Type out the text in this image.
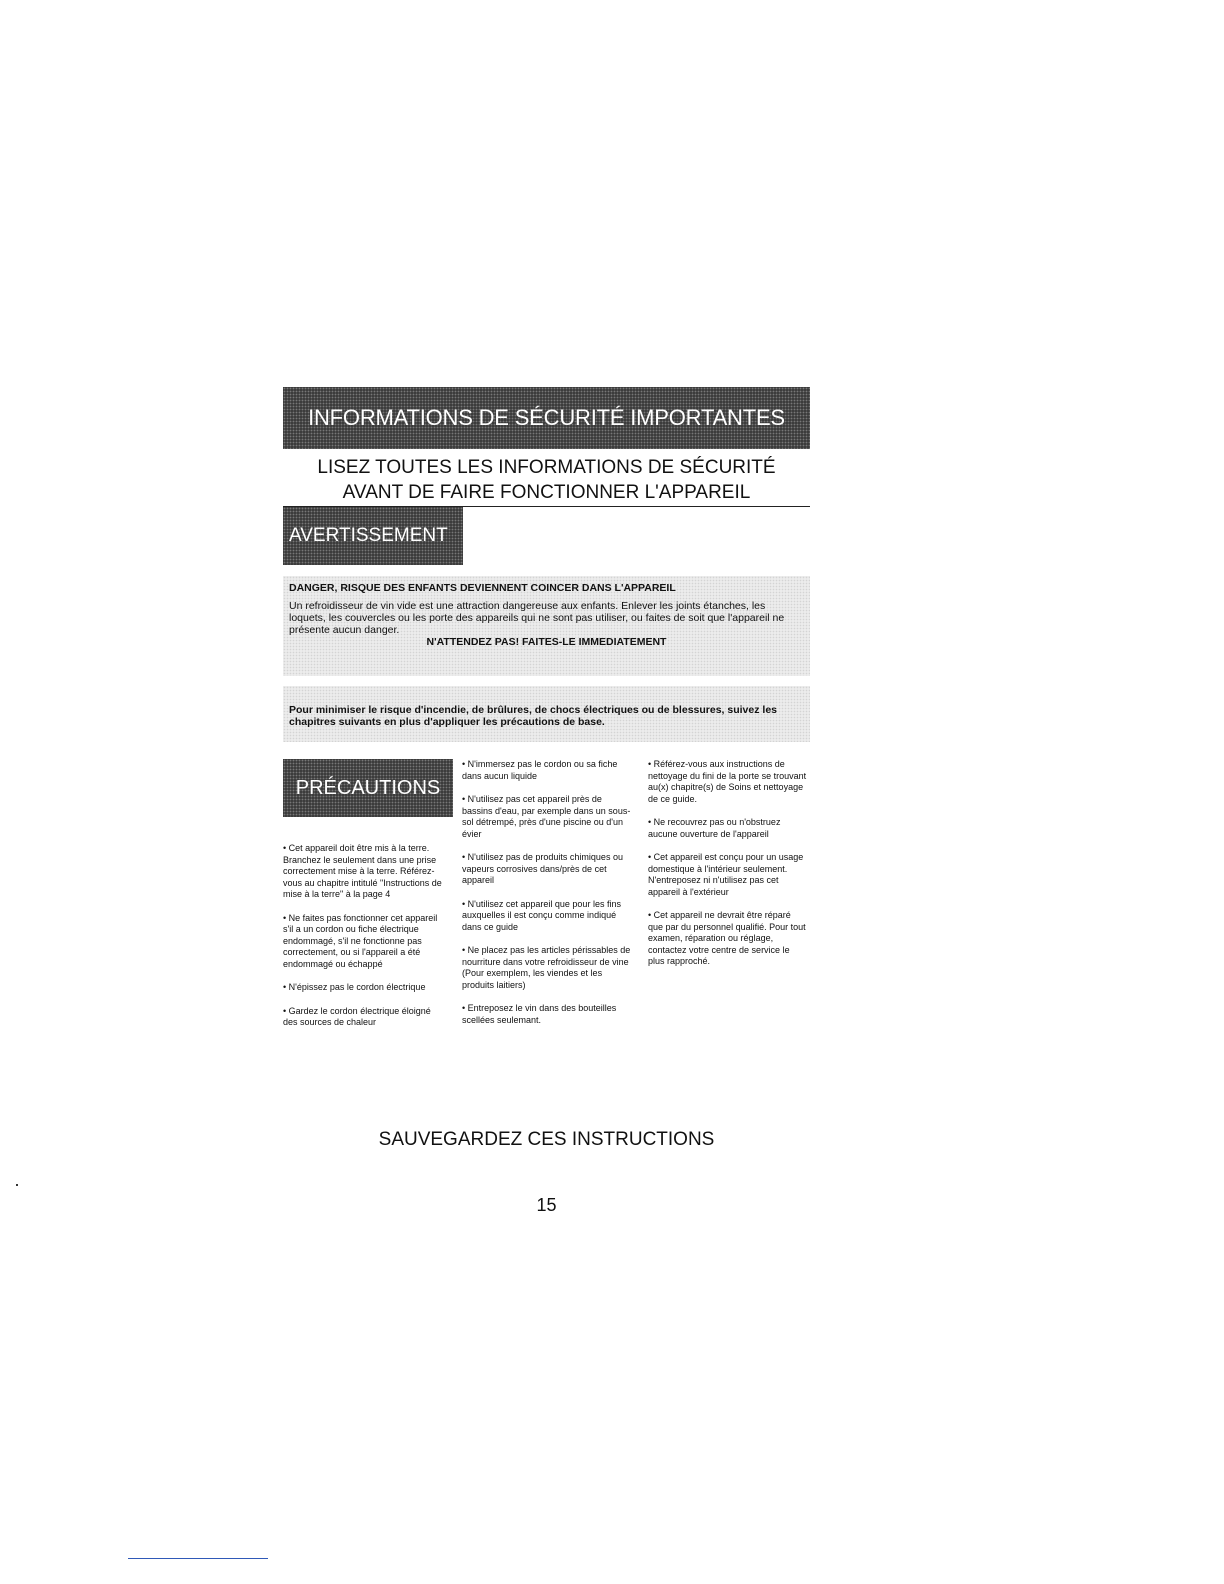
INFORMATIONS DE SÉCURITÉ IMPORTANTES
LISEZ TOUTES LES INFORMATIONS DE SÉCURITÉ
AVANT DE FAIRE FONCTIONNER L'APPAREIL
AVERTISSEMENT
DANGER, RISQUE DES ENFANTS DEVIENNENT COINCER DANS L'APPAREIL
Un refroidisseur de vin vide est une attraction dangereuse aux enfants. Enlever les joints étanches, les loquets, les couvercles ou les porte des appareils qui ne sont pas utiliser, ou faites de soit que l'appareil ne présente aucun danger.
N'ATTENDEZ PAS! FAITES-LE IMMEDIATEMENT
Pour minimiser le risque d'incendie, de brûlures, de chocs électriques ou de blessures, suivez les chapitres suivants en plus d'appliquer les précautions de base.
PRÉCAUTIONS

• Cet appareil doit être mis à la terre. Branchez le seulement dans une prise correctement mise à la terre. Référez-vous au chapitre intitulé "Instructions de mise à la terre" à la page 4

• Ne faites pas fonctionner cet appareil s'il a un cordon ou fiche électrique endommagé, s'il ne fonctionne pas correctement, ou si l'appareil a été endommagé ou échappé

• N'épissez pas le cordon électrique

• Gardez le cordon électrique éloigné des sources de chaleur

• N'immersez pas le cordon ou sa fiche dans aucun liquide

• N'utilisez pas cet appareil près de bassins d'eau, par exemple dans un sous-sol détrempé, près d'une piscine ou d'un évier

• N'utilisez pas de produits chimiques ou vapeurs corrosives dans/près de cet appareil

• N'utilisez cet appareil que pour les fins auxquelles il est conçu comme indiqué dans ce guide

• Ne placez pas les articles périssables de nourriture dans votre refroidisseur de vine (Pour exemplem, les viendes et les produits laitiers)

• Entreposez le vin dans des bouteilles scellées seulemant.

• Référez-vous aux instructions de nettoyage du fini de la porte se trouvant au(x) chapitre(s) de Soins et nettoyage de ce guide.

• Ne recouvrez pas ou n'obstruez aucune ouverture de l'appareil

• Cet appareil est conçu pour un usage domestique à l'intérieur seulement. N'entreposez ni n'utilisez pas cet appareil à l'extérieur

• Cet appareil ne devrait être réparé que par du personnel qualifié. Pour tout examen, réparation ou réglage, contactez votre centre de service le plus rapproché.

SAUVEGARDEZ CES INSTRUCTIONS
15
